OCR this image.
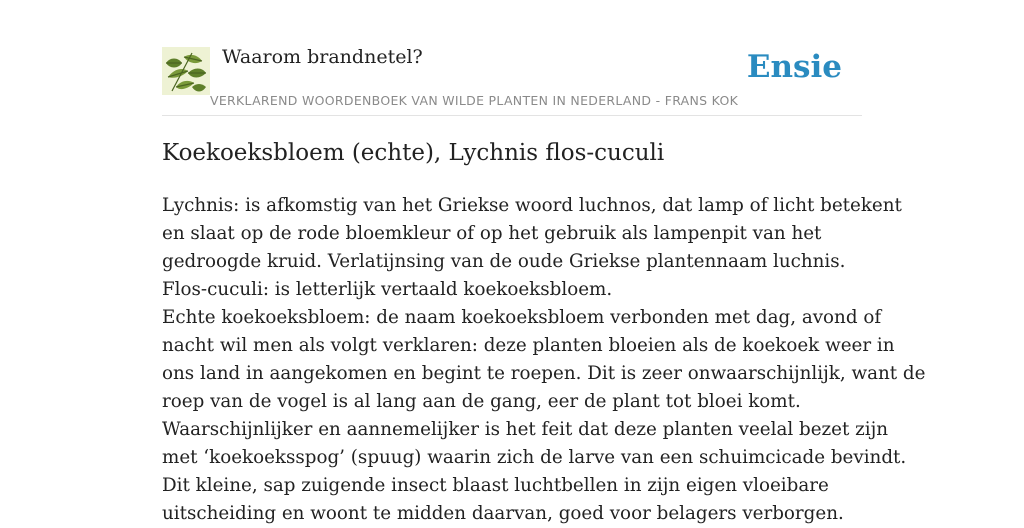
Waarom brandnetel?
VERKLAREND WOORDENBOEK VAN WILDE PLANTEN IN NEDERLAND - FRANS KOK
Ensie
Koekoeksbloem (echte), Lychnis flos-cuculi
Lychnis: is afkomstig van het Griekse woord luchnos, dat lamp of licht betekent
en slaat op de rode bloemkleur of op het gebruik als lampenpit van het
gedroogde kruid. Verlatijnsing van de oude Griekse plantennaam luchnis.
Flos-cuculi: is letterlijk vertaald koekoeksbloem.
Echte koekoeksbloem: de naam koekoeksbloem verbonden met dag, avond of
nacht wil men als volgt verklaren: deze planten bloeien als de koekoek weer in
ons land in aangekomen en begint te roepen. Dit is zeer onwaarschijnlijk, want de
roep van de vogel is al lang aan de gang, eer de plant tot bloei komt.
Waarschijnlijker en aannemelijker is het feit dat deze planten veelal bezet zijn
met ‘koekoeksspog’ (spuug) waarin zich de larve van een schuimcicade bevindt.
Dit kleine, sap zuigende insect blaast luchtbellen in zijn eigen vloeibare
uitscheiding en woont te midden daarvan, goed voor belagers verborgen.
